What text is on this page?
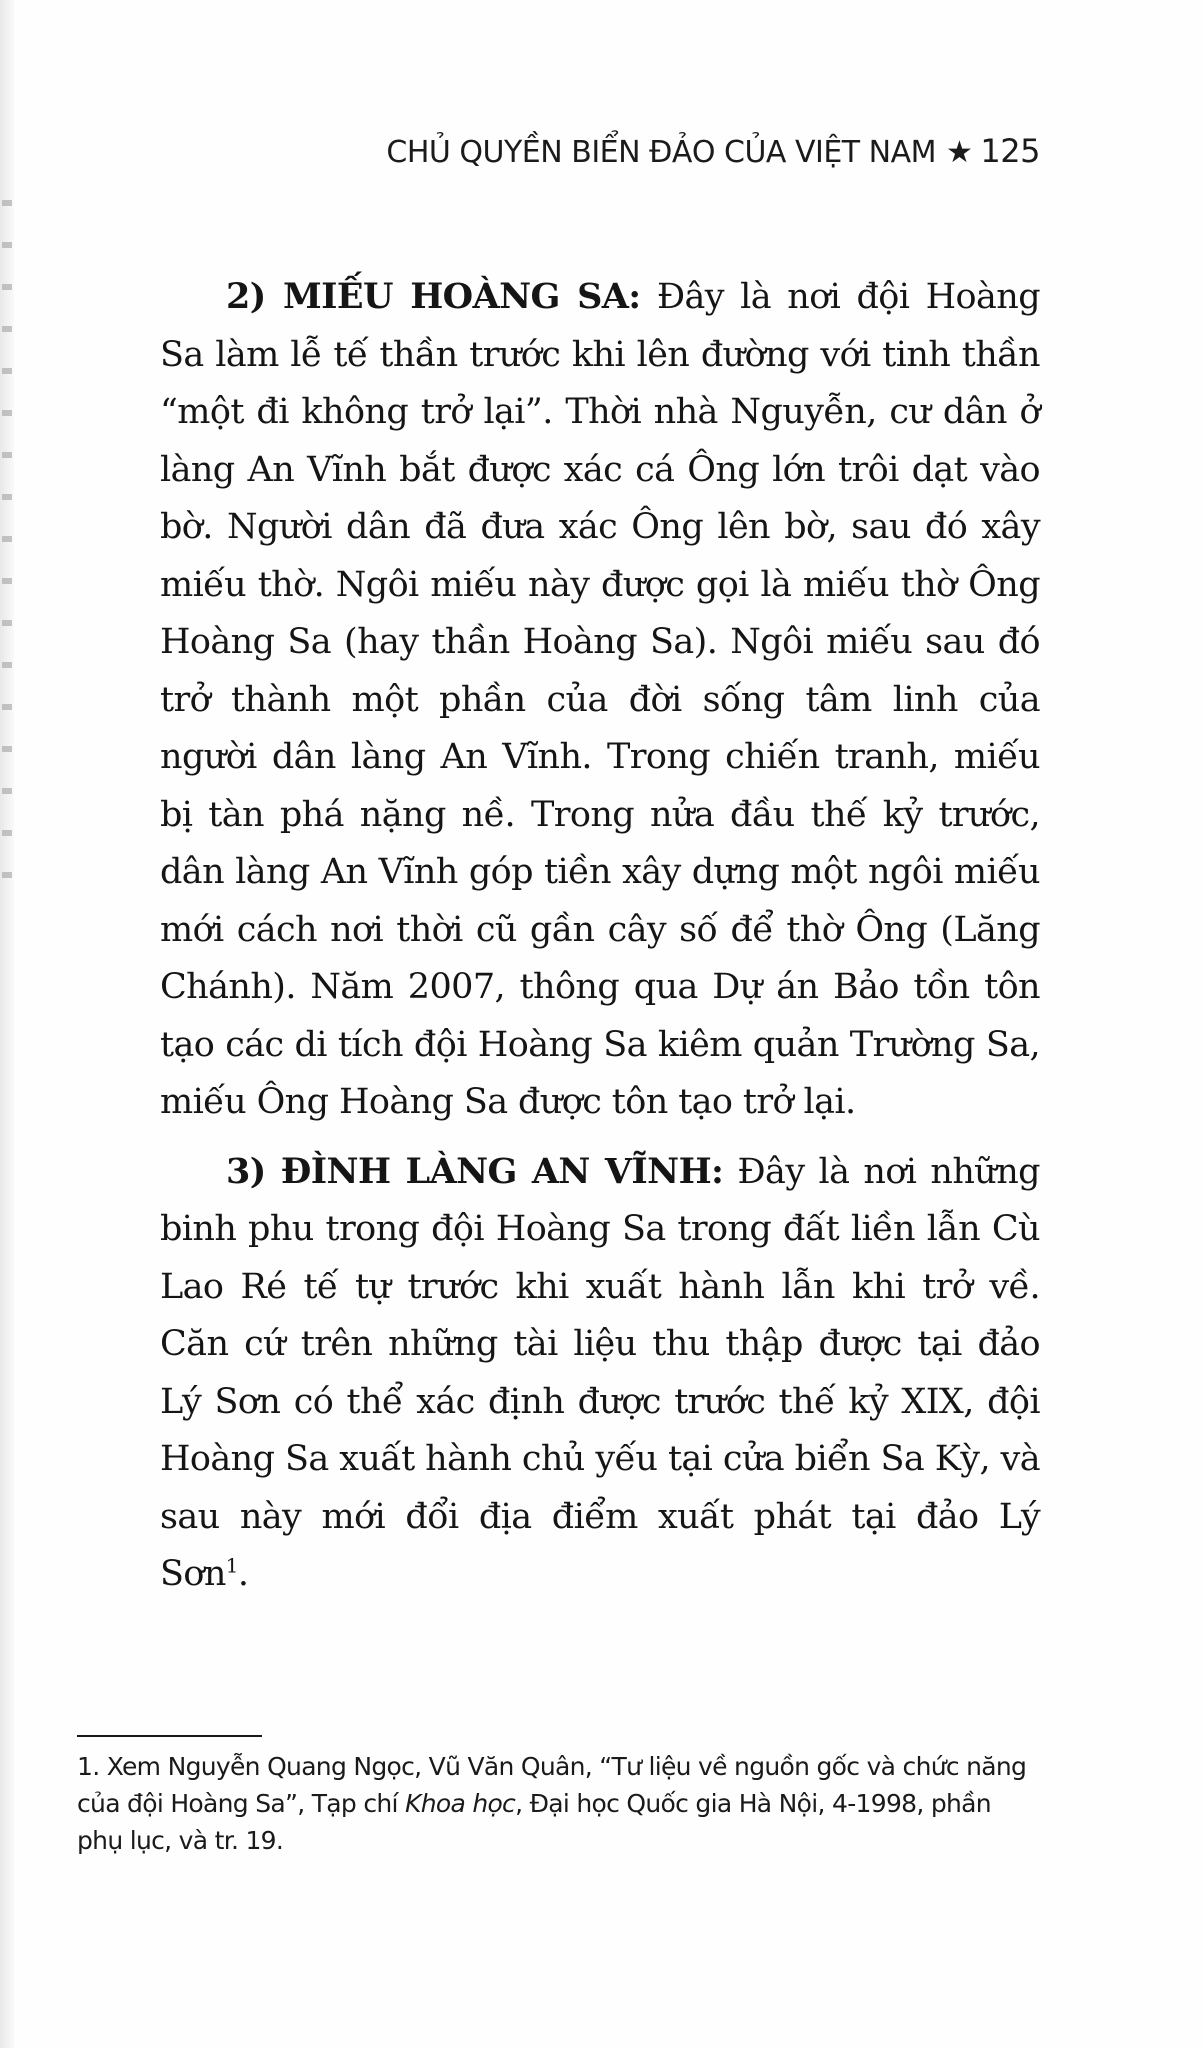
CHỦ QUYỀN BIỂN ĐẢO CỦA VIỆT NAM ★ 125

2) MIẾU HOÀNG SA: Đây là nơi đội Hoàng Sa làm lễ tế thần trước khi lên đường với tinh thần “một đi không trở lại”. Thời nhà Nguyễn, cư dân ở làng An Vĩnh bắt được xác cá Ông lớn trôi dạt vào bờ. Người dân đã đưa xác Ông lên bờ, sau đó xây miếu thờ. Ngôi miếu này được gọi là miếu thờ Ông Hoàng Sa (hay thần Hoàng Sa). Ngôi miếu sau đó trở thành một phần của đời sống tâm linh của người dân làng An Vĩnh. Trong chiến tranh, miếu bị tàn phá nặng nề. Trong nửa đầu thế kỷ trước, dân làng An Vĩnh góp tiền xây dựng một ngôi miếu mới cách nơi thời cũ gần cây số để thờ Ông (Lăng Chánh). Năm 2007, thông qua Dự án Bảo tồn tôn tạo các di tích đội Hoàng Sa kiêm quản Trường Sa, miếu Ông Hoàng Sa được tôn tạo trở lại.

3) ĐÌNH LÀNG AN VĨNH: Đây là nơi những binh phu trong đội Hoàng Sa trong đất liền lẫn Cù Lao Ré tế tự trước khi xuất hành lẫn khi trở về. Căn cứ trên những tài liệu thu thập được tại đảo Lý Sơn có thể xác định được trước thế kỷ XIX, đội Hoàng Sa xuất hành chủ yếu tại cửa biển Sa Kỳ, và sau này mới đổi địa điểm xuất phát tại đảo Lý Sơn$^1$.

1. Xem Nguyễn Quang Ngọc, Vũ Văn Quân, “Tư liệu về nguồn gốc và chức năng của đội Hoàng Sa”, Tạp chí Khoa học, Đại học Quốc gia Hà Nội, 4-1998, phần phụ lục, và tr. 19.
